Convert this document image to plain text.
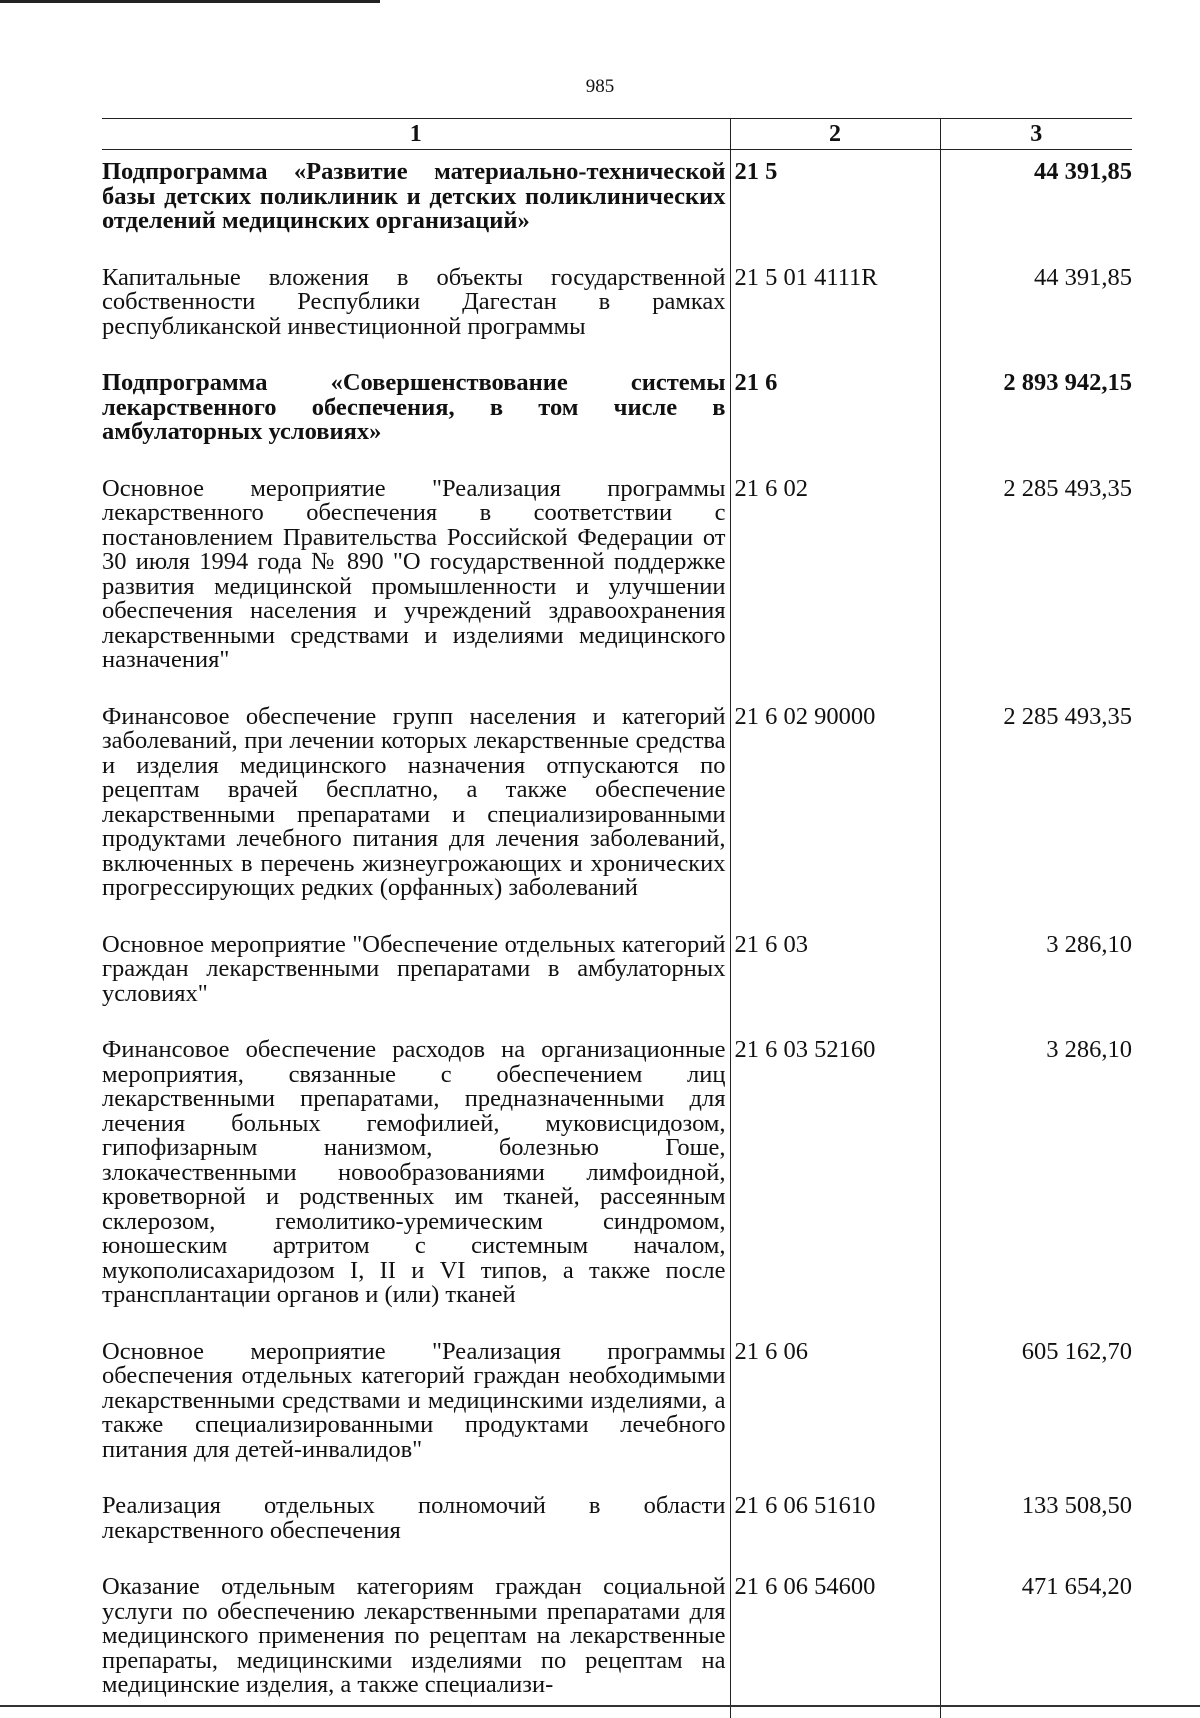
985
1	2	3
Подпрограмма «Развитие материально-технической базы детских поликлиник и детских поликлинических отделений медицинских организаций»	21 5	44 391,85
Капитальные вложения в объекты государственной собственности Республики Дагестан в рамках республиканской инвестиционной программы	21 5 01 4111R	44 391,85
Подпрограмма «Совершенствование системы лекарственного обеспечения, в том числе в амбулаторных условиях»	21 6	2 893 942,15
Основное мероприятие "Реализация программы лекарственного обеспечения в соответствии с постановлением Правительства Российской Федерации от 30 июля 1994 года № 890 "О государственной поддержке развития медицинской промышленности и улучшении обеспечения населения и учреждений здравоохранения лекарственными средствами и изделиями медицинского назначения"	21 6 02	2 285 493,35
Финансовое обеспечение групп населения и категорий заболеваний, при лечении которых лекарственные средства и изделия медицинского назначения отпускаются по рецептам врачей бесплатно, а также обеспечение лекарственными препаратами и специализированными продуктами лечебного питания для лечения заболеваний, включенных в перечень жизнеугрожающих и хронических прогрессирующих редких (орфанных) заболеваний	21 6 02 90000	2 285 493,35
Основное мероприятие "Обеспечение отдельных категорий граждан лекарственными препаратами в амбулаторных условиях"	21 6 03	3 286,10
Финансовое обеспечение расходов на организационные мероприятия, связанные с обеспечением лиц лекарственными препаратами, предназначенными для лечения больных гемофилией, муковисцидозом, гипофизарным нанизмом, болезнью Гоше, злокачественными новообразованиями лимфоидной, кроветворной и родственных им тканей, рассеянным склерозом, гемолитико-уремическим синдромом, юношеским артритом с системным началом, мукополисахаридозом I, II и VI типов, а также после трансплантации органов и (или) тканей	21 6 03 52160	3 286,10
Основное мероприятие "Реализация программы обеспечения отдельных категорий граждан необходимыми лекарственными средствами и медицинскими изделиями, а также специализированными продуктами лечебного питания для детей-инвалидов"	21 6 06	605 162,70
Реализация отдельных полномочий в области лекарственного обеспечения	21 6 06 51610	133 508,50
Оказание отдельным категориям граждан социальной услуги по обеспечению лекарственными препаратами для медицинского применения по рецептам на лекарственные препараты, медицинскими изделиями по рецептам на медицинские изделия, а также специализи-	21 6 06 54600	471 654,20
